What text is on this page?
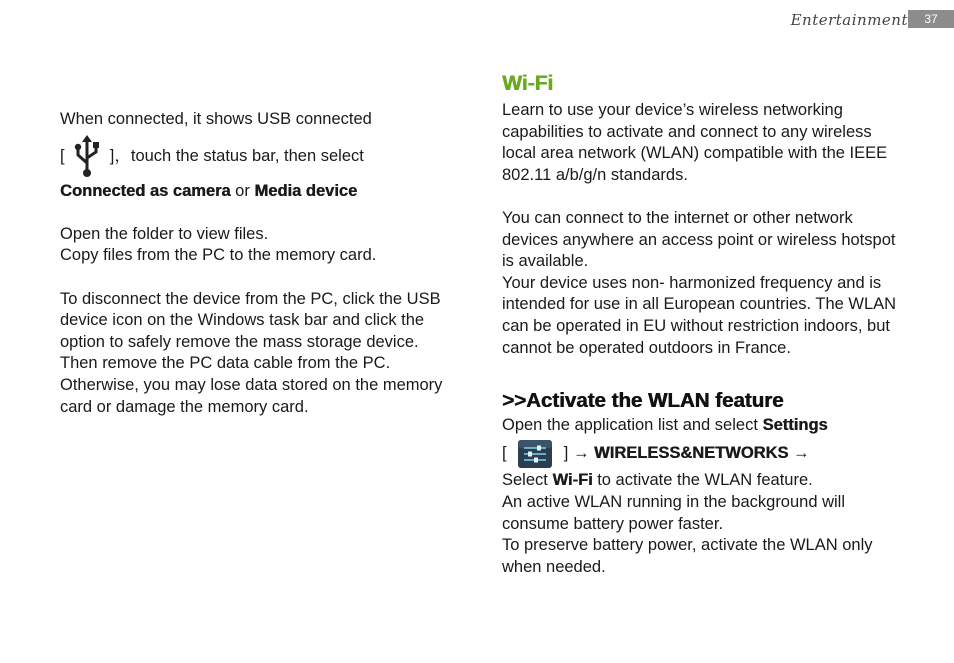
Entertainment	37

When connected, it shows USB connected

[	]，touch the status bar, then select

Connected as camera or Media device

Open the folder to view files.

Copy files from the PC to the memory card.

To disconnect the device from the PC, click the USB device icon on the Windows task bar and click the option to safely remove the mass storage device. Then remove the PC data cable from the PC.

Otherwise, you may lose data stored on the memory card or damage the memory card.

Wi-Fi

Learn to use your device’s wireless networking capabilities to activate and connect to any wireless local area network (WLAN) compatible with the IEEE 802.11 a/b/g/n standards.

You can connect to the internet or other network devices anywhere an access point or wireless hotspot is available.

Your device uses non- harmonized frequency and is intended for use in all European countries. The WLAN can be operated in EU without restriction indoors, but cannot be operated outdoors in France.

>>Activate the WLAN feature

Open the application list and select Settings

[	] → WIRELESS&NETWORKS →

Select Wi-Fi to activate the WLAN feature.

An active WLAN running in the background will consume battery power faster.

To preserve battery power, activate the WLAN only when needed.
